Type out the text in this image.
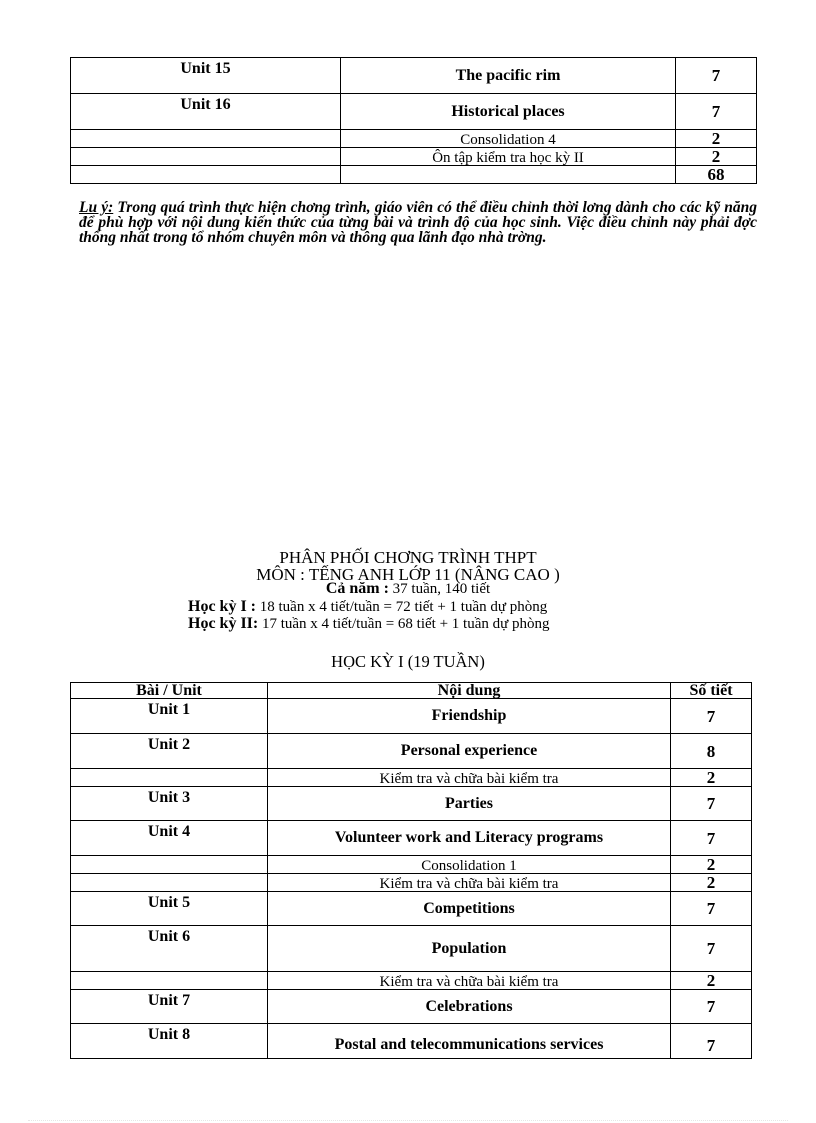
Unit 15	The pacific rim	7
Unit 16	Historical places	7
	Consolidation 4	2
	Ôn tập kiểm tra học kỳ II	2
		68
Lu ý: Trong quá trình thực hiện chơng trình, giáo viên có thể điều chỉnh thời lơng dành cho các kỹ năng để phù hợp với nội dung kiến thức của từng bài và trình độ của học sinh. Việc điều chỉnh này phải đợc thống nhất trong tổ nhóm chuyên môn và thông qua lãnh đạo nhà trờng.
PHÂN PHỐI CHƠNG TRÌNH THPT
MÔN : TẾNG ANH LỚP 11 (NÂNG CAO )
Cả năm : 37 tuần, 140 tiết
Học kỳ I : 18 tuần x 4 tiết/tuần = 72 tiết + 1 tuần dự phòng
Học kỳ II: 17 tuần x 4 tiết/tuần = 68 tiết + 1 tuần dự phòng
HỌC KỲ I (19 TUẦN)
Bài / Unit	Nội dung	Số tiết
Unit 1	Friendship	7
Unit 2	Personal experience	8
	Kiểm tra và chữa bài kiểm tra	2
Unit 3	Parties	7
Unit 4	Volunteer work and Literacy programs	7
	Consolidation 1	2
	Kiểm tra và chữa bài kiểm tra	2
Unit 5	Competitions	7
Unit 6	Population	7
	Kiểm tra và chữa bài kiểm tra	2
Unit 7	Celebrations	7
Unit 8	Postal and telecommunications services	7
